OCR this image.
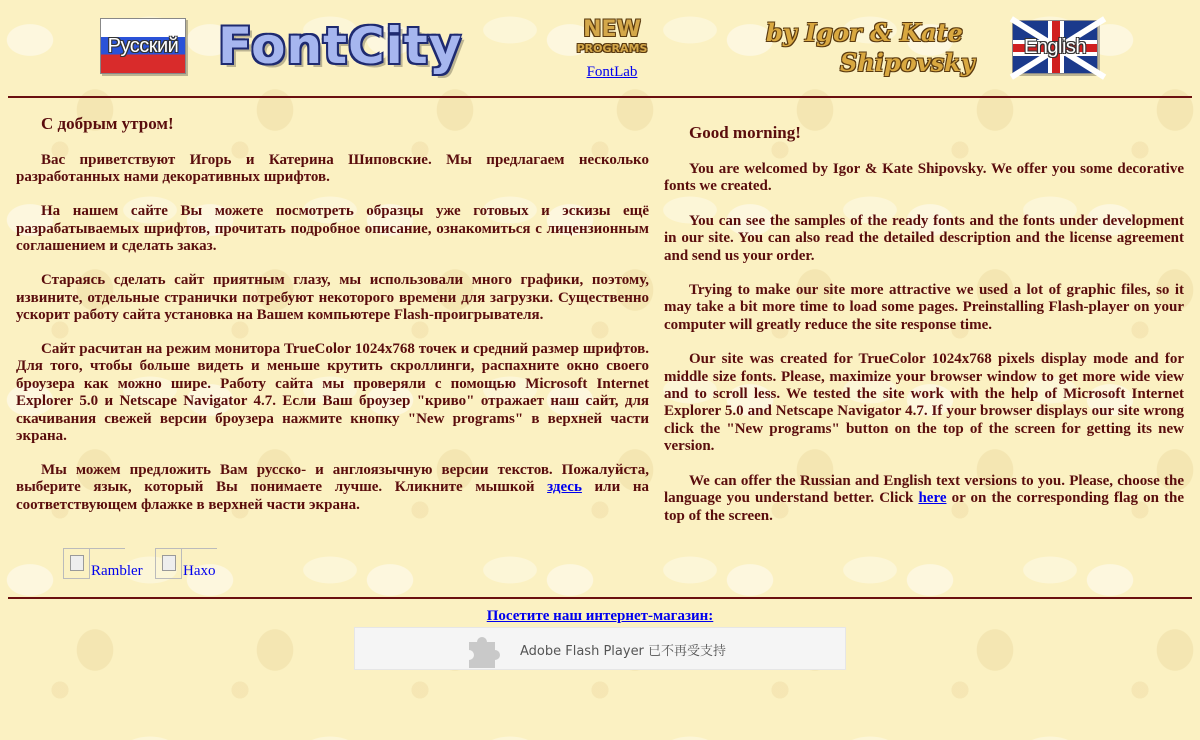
Русский FontCity	NEW
PROGRAMS
FontLab
by Igor & Kate
Shipovsky
English
С добрым утром!

Вас приветствуют Игорь и Катерина Шиповские. Мы предлагаем несколько разработанных нами декоративных шрифтов.

На нашем сайте Вы можете посмотреть образцы уже готовых и эскизы ещё разрабатываемых шрифтов, прочитать подробное описание, ознакомиться с лицензионным соглашением и сделать заказ.

Стараясь сделать сайт приятным глазу, мы использовали много графики, поэтому, извините, отдельные странички потребуют некоторого времени для загрузки. Существенно ускорит работу сайта установка на Вашем компьютере Flash-проигрывателя.

Сайт расчитан на режим монитора TrueColor 1024x768 точек и средний размер шрифтов. Для того, чтобы больше видеть и меньше крутить скроллинги, распахните окно своего броузера как можно шире. Работу сайта мы проверяли с помощью Microsoft Internet Explorer 5.0 и Netscape Navigator 4.7. Если Ваш броузер "криво" отражает наш сайт, для скачивания свежей версии броузера нажмите кнопку "New programs" в верхней части экрана.

Мы можем предложить Вам русско- и англоязычную версии текстов. Пожалуйста, выберите язык, который Вы понимаете лучше. Кликните мышкой здесь или на соответствующем флажке в верхней части экрана.

Rambler	Haxo
Good morning!

You are welcomed by Igor & Kate Shipovsky. We offer you some decorative fonts we created.

You can see the samples of the ready fonts and the fonts under development in our site. You can also read the detailed description and the license agreement and send us your order.

Trying to make our site more attractive we used a lot of graphic files, so it may take a bit more time to load some pages. Preinstalling Flash-player on your computer will greatly reduce the site response time.

Our site was created for TrueColor 1024x768 pixels display mode and for middle size fonts. Please, maximize your browser window to get more wide view and to scroll less. We tested the site work with the help of Microsoft Internet Explorer 5.0 and Netscape Navigator 4.7. If your browser displays our site wrong click the "New programs" button on the top of the screen for getting its new version.

We can offer the Russian and English text versions to you. Please, choose the language you understand better. Click here or on the corresponding flag on the top of the screen.

Посетите наш интернет-магазин:
Adobe Flash Player 已不再受支持
